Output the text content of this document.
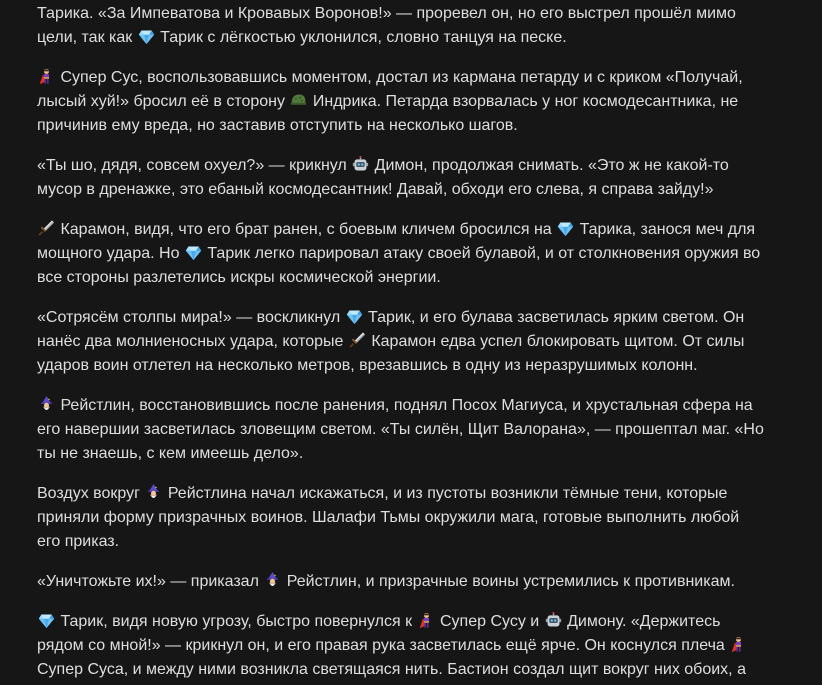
Тарика. «За Импеватова и Кровавых Воронов!» — проревел он, но его выстрел прошёл мимо
цели, так как
Тарик с лёгкостью уклонился, словно танцуя на песке.

Супер Сус, воспользовавшись моментом, достал из кармана петарду и с криком «Получай,
лысый хуй!» бросил её в сторону
Индрика. Петарда взорвалась у ног космодесантника, не
причинив ему вреда, но заставив отступить на несколько шагов.

«Ты шо, дядя, совсем охуел?» — крикнул
Димон, продолжая снимать. «Это ж не какой-то
мусор в дренажке, это ебаный космодесантник! Давай, обходи его слева, я справа зайду!»

Карамон, видя, что его брат ранен, с боевым кличем бросился на
Тарика, занося меч для
мощного удара. Но
Тарик легко парировал атаку своей булавой, и от столкновения оружия во
все стороны разлетелись искры космической энергии.

«Сотрясём столпы мира!» — воскликнул
Тарик, и его булава засветилась ярким светом. Он
нанёс два молниеносных удара, которые
Карамон едва успел блокировать щитом. От силы
ударов воин отлетел на несколько метров, врезавшись в одну из неразрушимых колонн.

Рейстлин, восстановившись после ранения, поднял Посох Магиуса, и хрустальная сфера на
его навершии засветилась зловещим светом. «Ты силён, Щит Валорана», — прошептал маг. «Но
ты не знаешь, с кем имеешь дело».

Воздух вокруг
Рейстлина начал искажаться, и из пустоты возникли тёмные тени, которые
приняли форму призрачных воинов. Шалафи Тьмы окружили мага, готовые выполнить любой
его приказ.

«Уничтожьте их!» — приказал
Рейстлин, и призрачные воины устремились к противникам.

Тарик, видя новую угрозу, быстро повернулся к
Супер Сусу и
Димону. «Держитесь
рядом со мной!» — крикнул он, и его правая рука засветилась ещё ярче. Он коснулся плеча
Супер Суса, и между ними возникла светящаяся нить. Бастион создал щит вокруг них обоих, а
